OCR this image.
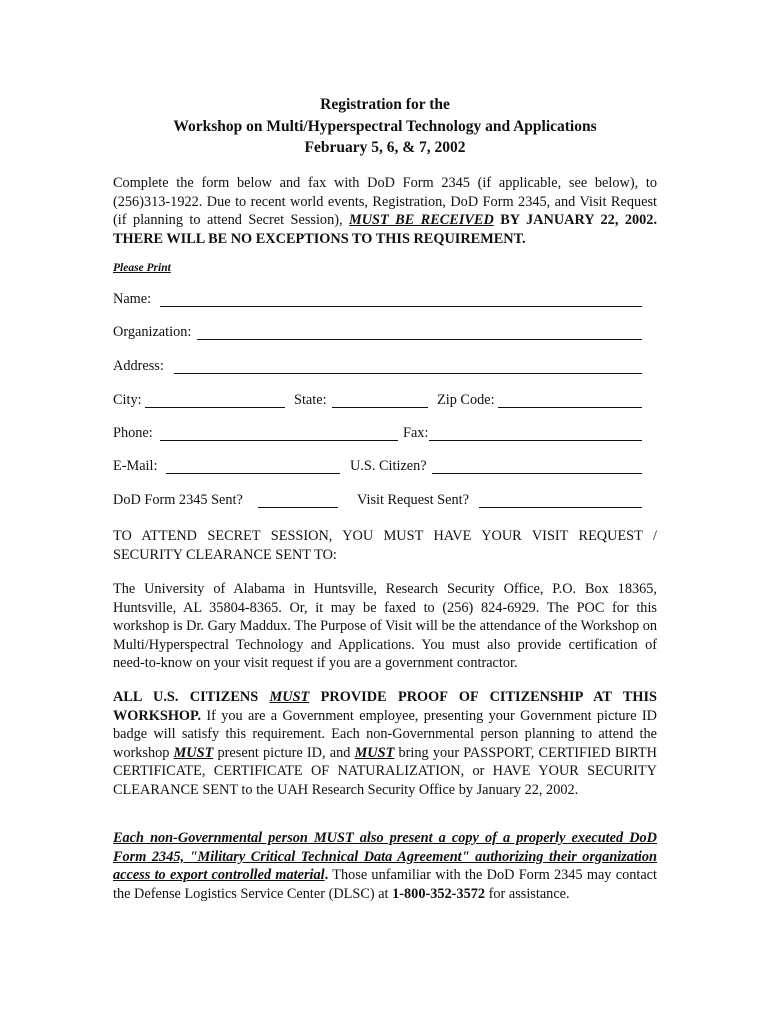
Registration for the
Workshop on Multi/Hyperspectral Technology and Applications
February 5, 6, & 7, 2002
Complete the form below and fax with DoD Form 2345 (if applicable, see below), to (256)313-1922. Due to recent world events, Registration, DoD Form 2345, and Visit Request (if planning to attend Secret Session), MUST BE RECEIVED BY JANUARY 22, 2002. THERE WILL BE NO EXCEPTIONS TO THIS REQUIREMENT.
Please Print
Name:
Organization:
Address:
City:	State:	Zip Code:
Phone:	Fax:
E-Mail:	U.S. Citizen?
DoD Form 2345 Sent?	Visit Request Sent?
TO ATTEND SECRET SESSION, YOU MUST HAVE YOUR VISIT REQUEST / SECURITY CLEARANCE SENT TO:
The University of Alabama in Huntsville, Research Security Office, P.O. Box 18365, Huntsville, AL 35804-8365. Or, it may be faxed to (256) 824-6929. The POC for this workshop is Dr. Gary Maddux. The Purpose of Visit will be the attendance of the Workshop on Multi/Hyperspectral Technology and Applications. You must also provide certification of need-to-know on your visit request if you are a government contractor.
ALL U.S. CITIZENS MUST PROVIDE PROOF OF CITIZENSHIP AT THIS WORKSHOP. If you are a Government employee, presenting your Government picture ID badge will satisfy this requirement. Each non-Governmental person planning to attend the workshop MUST present picture ID, and MUST bring your PASSPORT, CERTIFIED BIRTH CERTIFICATE, CERTIFICATE OF NATURALIZATION, or HAVE YOUR SECURITY CLEARANCE SENT to the UAH Research Security Office by January 22, 2002.
Each non-Governmental person MUST also present a copy of a properly executed DoD Form 2345, "Military Critical Technical Data Agreement" authorizing their organization access to export controlled material. Those unfamiliar with the DoD Form 2345 may contact the Defense Logistics Service Center (DLSC) at 1-800-352-3572 for assistance.
